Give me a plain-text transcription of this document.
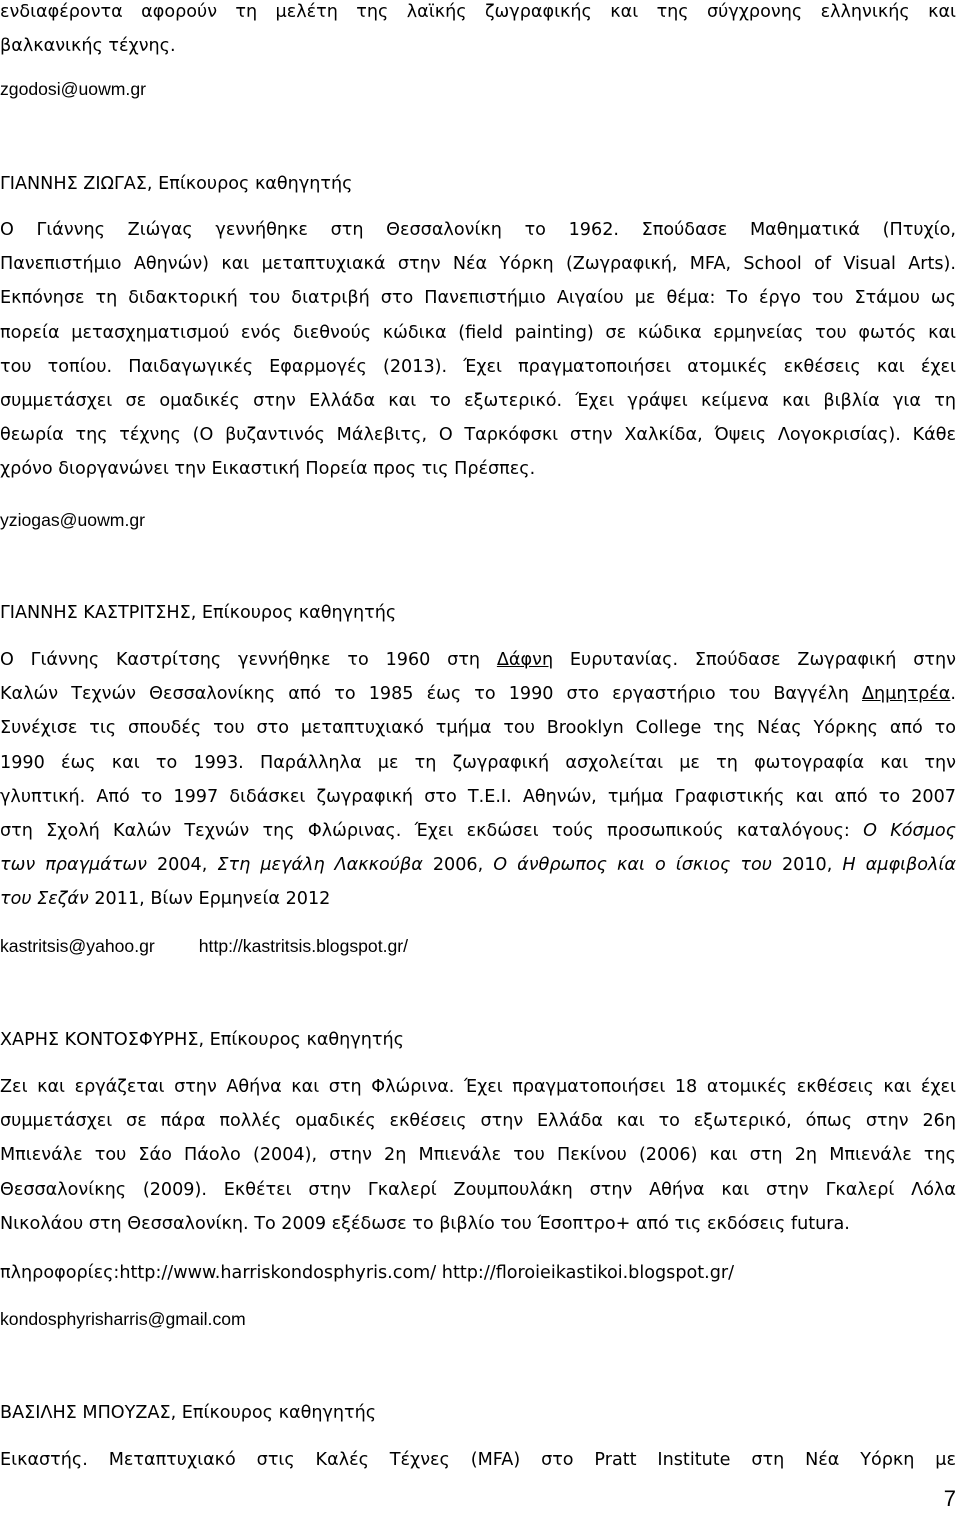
ενδιαφέροντα αφορούν τη μελέτη της λαϊκής ζωγραφικής και της σύγχρονης ελληνικής και
βαλκανικής τέχνης.
zgodosi@uowm.gr
ΓΙΑΝΝΗΣ ΖΙΩΓΑΣ, Επίκουρος καθηγητής
Ο Γιάννης Ζιώγας γεννήθηκε στη Θεσσαλονίκη το 1962. Σπούδασε Μαθηματικά (Πτυχίο,
Πανεπιστήμιο Αθηνών) και μεταπτυχιακά στην Νέα Υόρκη (Ζωγραφική, MFA, School of Visual Arts).
Εκπόνησε τη διδακτορική του διατριβή στο Πανεπιστήμιο Αιγαίου με θέμα: Το έργο του Στάμου ως
πορεία μετασχηματισμού ενός διεθνούς κώδικα (field painting) σε κώδικα ερμηνείας του φωτός και
του τοπίου. Παιδαγωγικές Εφαρμογές (2013). Έχει πραγματοποιήσει ατομικές εκθέσεις και έχει
συμμετάσχει σε ομαδικές στην Ελλάδα και το εξωτερικό. Έχει γράψει κείμενα και βιβλία για τη
θεωρία της τέχνης (Ο βυζαντινός Μάλεβιτς, Ο Ταρκόφσκι στην Χαλκίδα, Όψεις Λογοκρισίας). Κάθε
χρόνο διοργανώνει την Εικαστική Πορεία προς τις Πρέσπες.
yziogas@uowm.gr
ΓΙΑΝΝΗΣ ΚΑΣΤΡΙΤΣΗΣ, Επίκουρος καθηγητής
Ο Γιάννης Καστρίτσης γεννήθηκε το 1960 στη Δάφνη Ευρυτανίας. Σπούδασε Ζωγραφική στην
Καλών Τεχνών Θεσσαλονίκης από το 1985 έως το 1990 στο εργαστήριο του Βαγγέλη Δημητρέα.
Συνέχισε τις σπουδές του στο μεταπτυχιακό τμήμα του Brooklyn College της Νέας Υόρκης από το
1990 έως και το 1993. Παράλληλα με τη ζωγραφική ασχολείται με τη φωτογραφία και την
γλυπτική. Από το 1997 διδάσκει ζωγραφική στο Τ.Ε.Ι. Αθηνών, τμήμα Γραφιστικής και από το 2007
στη Σχολή Καλών Τεχνών της Φλώρινας. Έχει εκδώσει τούς προσωπικούς καταλόγους: Ο Κόσμος
των πραγμάτων 2004, Στη μεγάλη Λακκούβα 2006, Ο άνθρωπος και ο ίσκιος του 2010, Η αμφιβολία
του Σεζάν 2011, Βίων Ερμηνεία 2012
kastritsis@yahoo.gr	http://kastritsis.blogspot.gr/
ΧΑΡΗΣ ΚΟΝΤΟΣΦΥΡΗΣ, Επίκουρος καθηγητής
Ζει και εργάζεται στην Αθήνα και στη Φλώρινα. Έχει πραγματοποιήσει 18 ατομικές εκθέσεις και έχει
συμμετάσχει σε πάρα πολλές ομαδικές εκθέσεις στην Ελλάδα και το εξωτερικό, όπως στην 26η
Μπιενάλε του Σάο Πάολο (2004), στην 2η Μπιενάλε του Πεκίνου (2006) και στη 2η Μπιενάλε της
Θεσσαλονίκης (2009). Εκθέτει στην Γκαλερί Ζουμπουλάκη στην Αθήνα και στην Γκαλερί Λόλα
Νικολάου στη Θεσσαλονίκη. Το 2009 εξέδωσε το βιβλίο του Έσοπτρο+ από τις εκδόσεις futura.
πληροφορίες:http://www.harriskondosphyris.com/ http://floroieikastikoi.blogspot.gr/
kondosphyrisharris@gmail.com
ΒΑΣΙΛΗΣ ΜΠΟΥΖΑΣ, Επίκουρος καθηγητής
Εικαστής. Μεταπτυχιακό στις Καλές Τέχνες (MFA) στο Pratt Institute στη Νέα Υόρκη με
7
